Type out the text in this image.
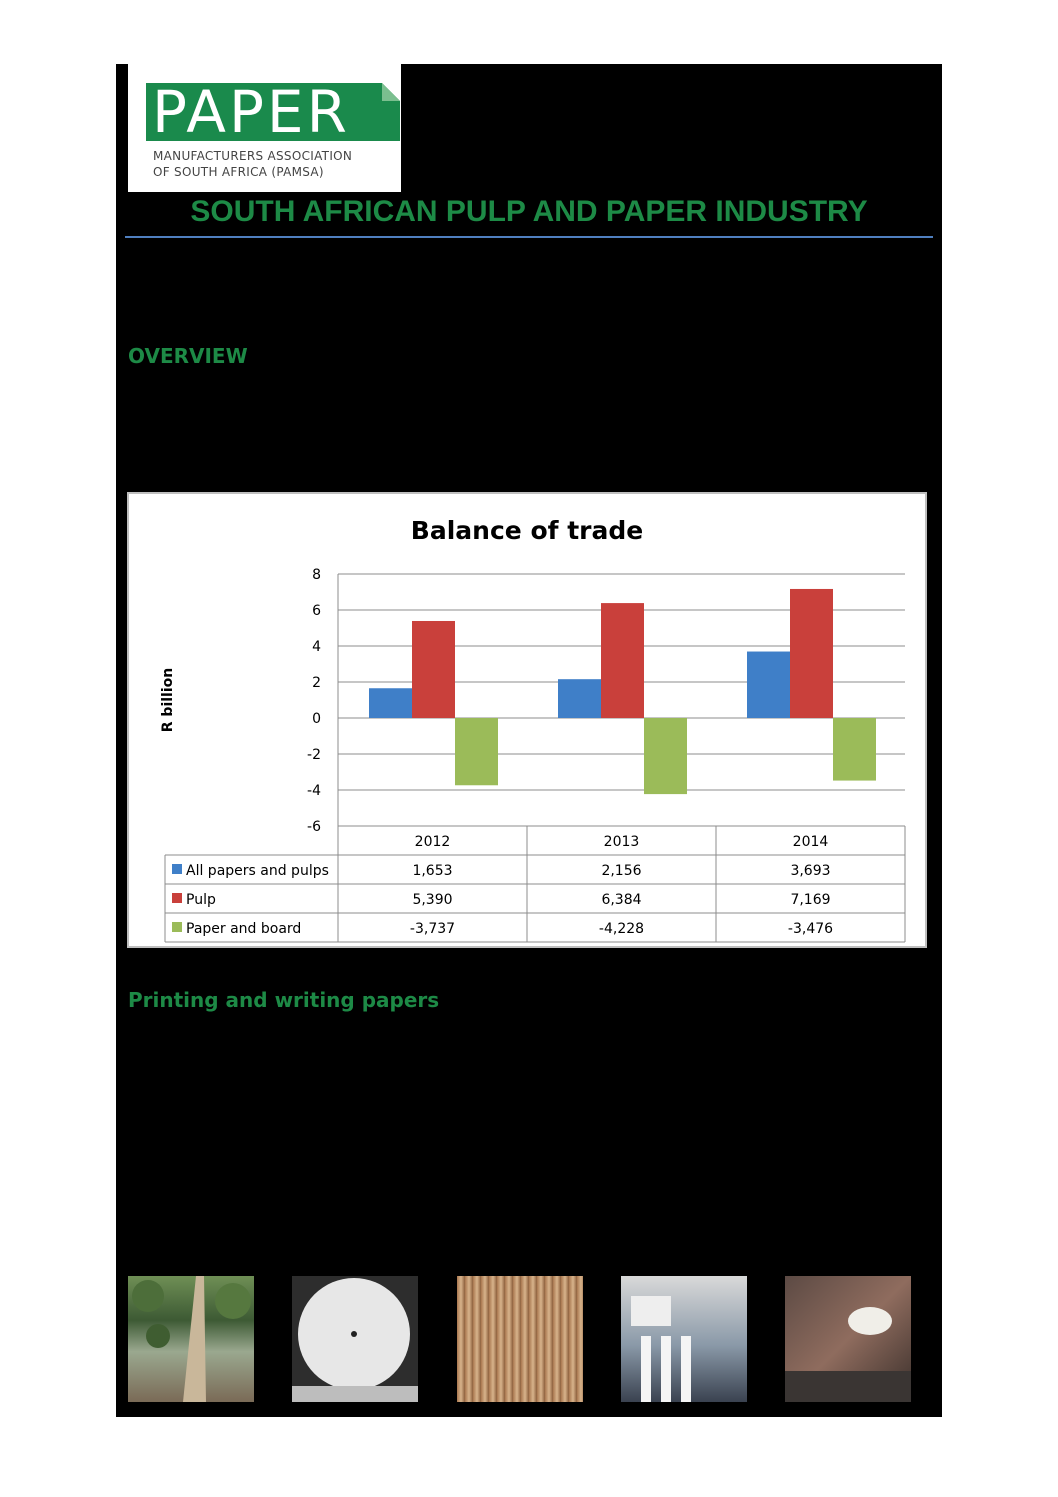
PAPER
MANUFACTURERS ASSOCIATION
OF SOUTH AFRICA (PAMSA)
SOUTH AFRICAN PULP AND PAPER INDUSTRY
OVERVIEW
Balance of trade
R billion
8
6
4
2
0
-2
-4
-6
2012	2013	2014
All papers and pulps	1,653	2,156	3,693
Pulp	5,390	6,384	7,169
Paper and board	-3,737	-4,228	-3,476
Printing and writing papers
